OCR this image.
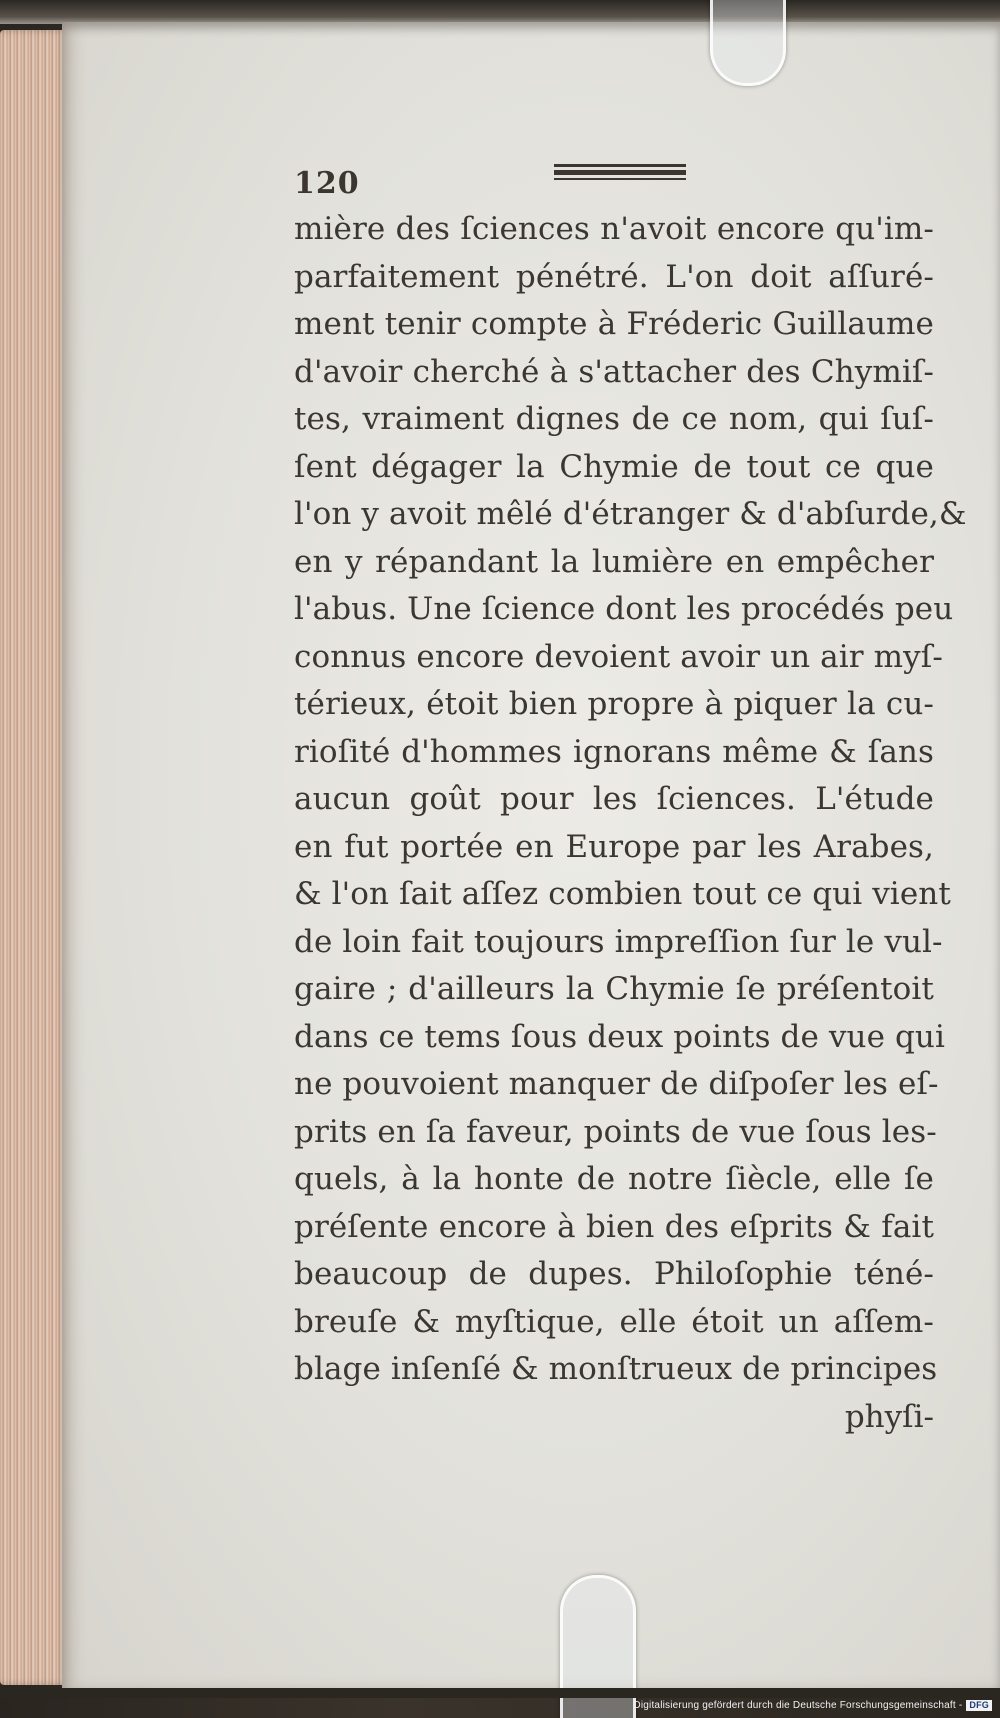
120
mière des ſciences n'avoit encore qu'im-
parfaitement pénétré. L'on doit aſſuré-
ment tenir compte à Fréderic Guillaume
d'avoir cherché à s'attacher des Chymiſ-
tes, vraiment dignes de ce nom, qui ſuſ-
ſent dégager la Chymie de tout ce que
l'on y avoit mêlé d'étranger & d'abſurde,&
en y répandant la lumière en empêcher
l'abus. Une ſcience dont les procédés peu
connus encore devoient avoir un air myſ-
térieux, étoit bien propre à piquer la cu-
rioſité d'hommes ignorans même & ſans
aucun goût pour les ſciences. L'étude
en fut portée en Europe par les Arabes,
& l'on ſait aſſez combien tout ce qui vient
de loin fait toujours impreſſion ſur le vul-
gaire ; d'ailleurs la Chymie ſe préſentoit
dans ce tems ſous deux points de vue qui
ne pouvoient manquer de diſpoſer les eſ-
prits en ſa faveur, points de vue ſous les-
quels, à la honte de notre ſiècle, elle ſe
préſente encore à bien des eſprits & fait
beaucoup de dupes. Philoſophie téné-
breuſe & myſtique, elle étoit un aſſem-
blage inſenſé & monſtrueux de principes
phyſi-
Digitalisierung gefördert durch die Deutsche Forschungsgemeinschaft - DFG
